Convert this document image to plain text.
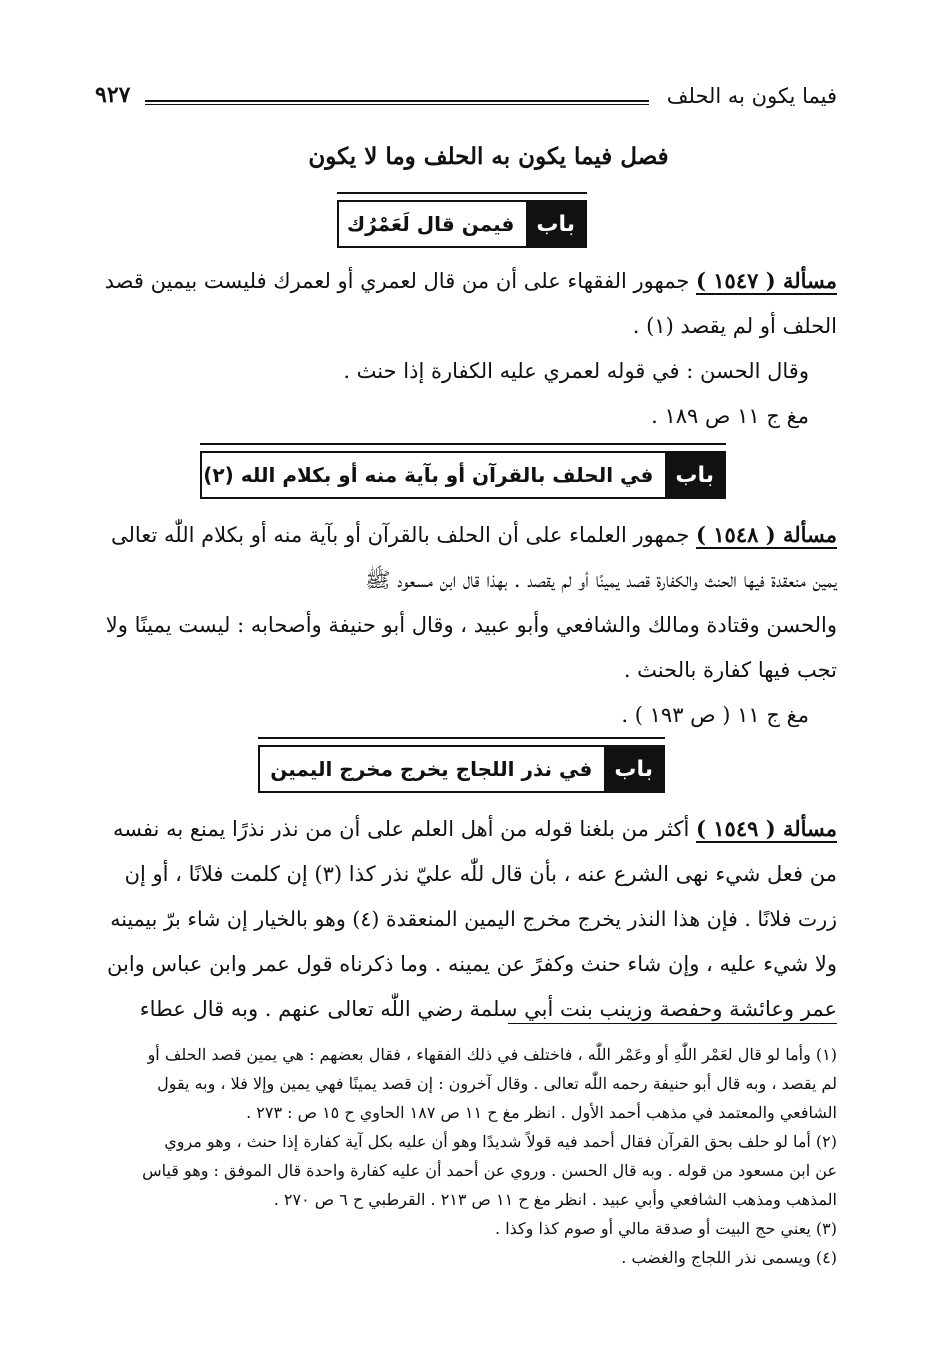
فيما يكون به الحلف
٩٢٧
فصل فيما يكون به الحلف وما لا يكون
باب
فيمن قال لَعَمْرُك
مسألة ( ١٥٤٧ ) جمهور الفقهاء على أن من قال لعمري أو لعمرك فليست بيمين قصد
الحلف أو لم يقصد (١) .
وقال الحسن : في قوله لعمري عليه الكفارة إذا حنث .
مغ ج ١١ ص ١٨٩ .
باب
في الحلف بالقرآن أو بآية منه أو بكلام الله (٢)
مسألة ( ١٥٤٨ ) جمهور العلماء على أن الحلف بالقرآن أو بآية منه أو بكلام اللّٰه تعالى
يمين منعقدة فيها الحنث والكفارة قصد يمينًا أو لم يقصد . بهذا قال ابن مسعود ﷺ
والحسن وقتادة ومالك والشافعي وأبو عبيد ، وقال أبو حنيفة وأصحابه : ليست يمينًا ولا
تجب فيها كفارة بالحنث .
مغ ج ١١ ( ص ١٩٣ ) .
باب
في نذر اللجاج يخرج مخرج اليمين
مسألة ( ١٥٤٩ ) أكثر من بلغنا قوله من أهل العلم على أن من نذر نذرًا يمنع به نفسه
من فعل شيء نهى الشرع عنه ، بأن قال للّٰه عليّ نذر كذا (٣) إن كلمت فلانًا ، أو إن
زرت فلانًا . فإن هذا النذر يخرج مخرج اليمين المنعقدة (٤) وهو بالخيار إن شاء برّ بيمينه
ولا شيء عليه ، وإن شاء حنث وكفرً عن يمينه . وما ذكرناه قول عمر وابن عباس وابن
عمر وعائشة وحفصة وزينب بنت أبي سلمة رضي اللّٰه تعالى عنهم . وبه قال عطاء
(١) وأما لو قال لعَمْر اللّٰهِ أو وعَمْر اللّٰه ، فاختلف في ذلك الفقهاء ، فقال بعضهم : هي يمين قصد الحلف أو
لم يقصد ، وبه قال أبو حنيفة رحمه اللّٰه تعالى . وقال آخرون : إن قصد يمينًا فهي يمين وإلا فلا ، وبه يقول
الشافعي والمعتمد في مذهب أحمد الأول . انظر مغ ح ١١ ص ١٨٧ الحاوي ح ١٥ ص : ٢٧٣ .
(٢) أما لو حلف بحق القرآن فقال أحمد فيه قولاً شديدًا وهو أن عليه بكل آية كفارة إذا حنث ، وهو مروي
عن ابن مسعود من قوله . وبه قال الحسن . وروي عن أحمد أن عليه كفارة واحدة قال الموفق : وهو قياس
المذهب ومذهب الشافعي وأبي عبيد . انظر مغ ح ١١ ص ٢١٣ . القرطبي ح ٦ ص ٢٧٠ .
(٣) يعني حج البيت أو صدقة مالي أو صوم كذا وكذا .
(٤) ويسمى نذر اللجاج والغضب .
